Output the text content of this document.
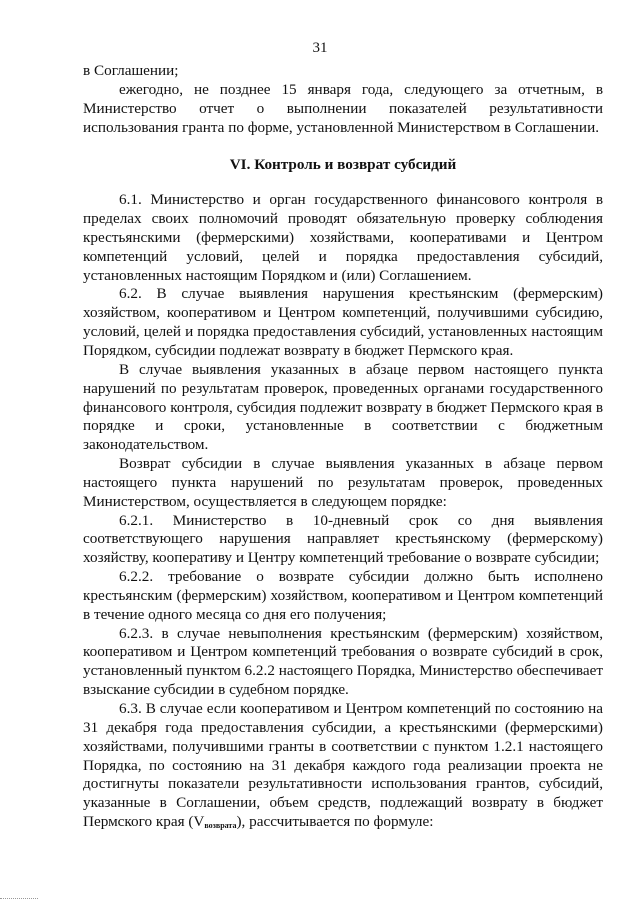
31

в Соглашении;

ежегодно, не позднее 15 января года, следующего за отчетным, в Министерство отчет о выполнении показателей результативности использования гранта по форме, установленной Министерством в Соглашении.

VI. Контроль и возврат субсидий

6.1. Министерство и орган государственного финансового контроля в пределах своих полномочий проводят обязательную проверку соблюдения крестьянскими (фермерскими) хозяйствами, кооперативами и Центром компетенций условий, целей и порядка предоставления субсидий, установленных настоящим Порядком и (или) Соглашением.

6.2. В случае выявления нарушения крестьянским (фермерским) хозяйством, кооперативом и Центром компетенций, получившими субсидию, условий, целей и порядка предоставления субсидий, установленных настоящим Порядком, субсидии подлежат возврату в бюджет Пермского края.

В случае выявления указанных в абзаце первом настоящего пункта нарушений по результатам проверок, проведенных органами государственного финансового контроля, субсидия подлежит возврату в бюджет Пермского края в порядке и сроки, установленные в соответствии с бюджетным законодательством.

Возврат субсидии в случае выявления указанных в абзаце первом настоящего пункта нарушений по результатам проверок, проведенных Министерством, осуществляется в следующем порядке:

6.2.1. Министерство в 10-дневный срок со дня выявления соответствующего нарушения направляет крестьянскому (фермерскому) хозяйству, кооперативу и Центру компетенций требование о возврате субсидии;

6.2.2. требование о возврате субсидии должно быть исполнено крестьянским (фермерским) хозяйством, кооперативом и Центром компетенций в течение одного месяца со дня его получения;

6.2.3. в случае невыполнения крестьянским (фермерским) хозяйством, кооперативом и Центром компетенций требования о возврате субсидий в срок, установленный пунктом 6.2.2 настоящего Порядка, Министерство обеспечивает взыскание субсидии в судебном порядке.

6.3. В случае если кооперативом и Центром компетенций по состоянию на 31 декабря года предоставления субсидии, а крестьянскими (фермерскими) хозяйствами, получившими гранты в соответствии с пунктом 1.2.1 настоящего Порядка, по состоянию на 31 декабря каждого года реализации проекта не достигнуты показатели результативности использования грантов, субсидий, указанные в Соглашении, объем средств, подлежащий возврату в бюджет Пермского края $(V_{возврата})$, рассчитывается по формуле:
